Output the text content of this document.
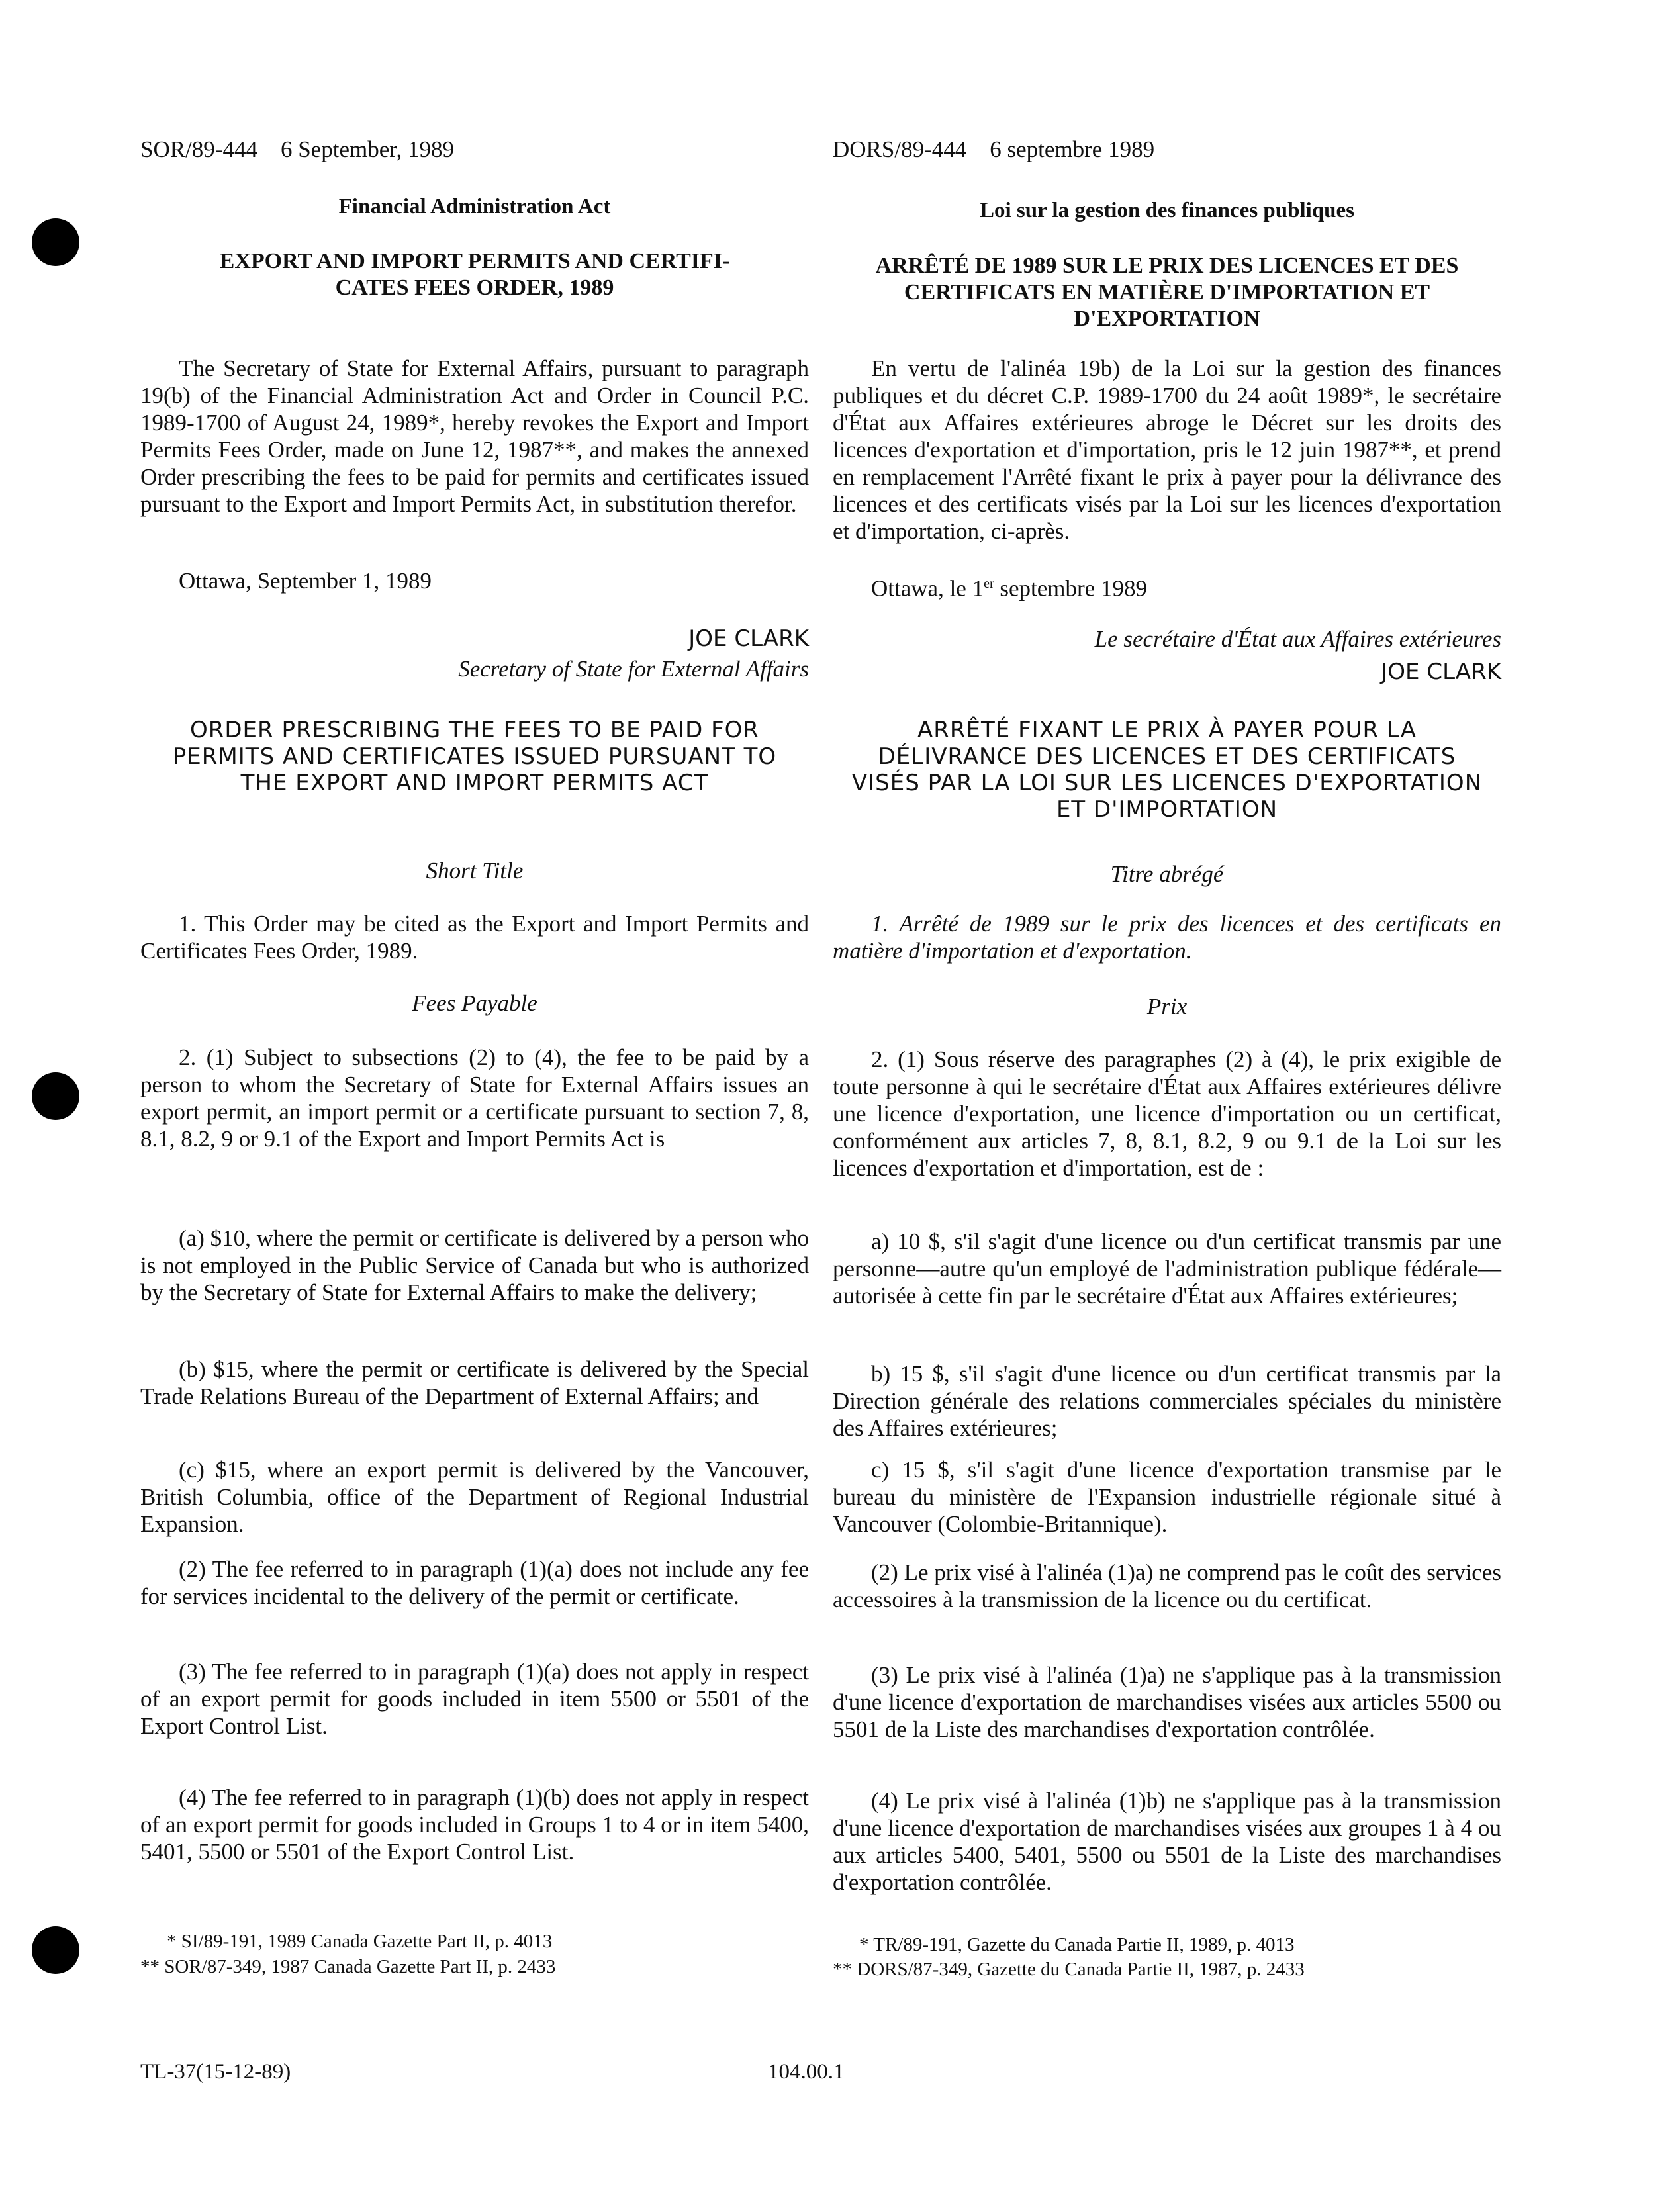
SOR/89-444    6 September, 1989

Financial Administration Act

EXPORT AND IMPORT PERMITS AND CERTIFI-
CATES FEES ORDER, 1989

The Secretary of State for External Affairs, pursuant to paragraph 19(b) of the Financial Administration Act and Order in Council P.C. 1989-1700 of August 24, 1989*, hereby revokes the Export and Import Permits Fees Order, made on June 12, 1987**, and makes the annexed Order prescribing the fees to be paid for permits and certificates issued pursuant to the Export and Import Permits Act, in substitution therefor.

Ottawa, September 1, 1989

JOE CLARK

Secretary of State for External Affairs

ORDER PRESCRIBING THE FEES TO BE PAID FOR PERMITS AND CERTIFICATES ISSUED PURSUANT TO THE EXPORT AND IMPORT PERMITS ACT

Short Title

1. This Order may be cited as the Export and Import Permits and Certificates Fees Order, 1989.

Fees Payable

2. (1) Subject to subsections (2) to (4), the fee to be paid by a person to whom the Secretary of State for External Affairs issues an export permit, an import permit or a certificate pursuant to section 7, 8, 8.1, 8.2, 9 or 9.1 of the Export and Import Permits Act is

(a) $10, where the permit or certificate is delivered by a person who is not employed in the Public Service of Canada but who is authorized by the Secretary of State for External Affairs to make the delivery;

(b) $15, where the permit or certificate is delivered by the Special Trade Relations Bureau of the Department of External Affairs; and

(c) $15, where an export permit is delivered by the Vancouver, British Columbia, office of the Department of Regional Industrial Expansion.

(2) The fee referred to in paragraph (1)(a) does not include any fee for services incidental to the delivery of the permit or certificate.

(3) The fee referred to in paragraph (1)(a) does not apply in respect of an export permit for goods included in item 5500 or 5501 of the Export Control List.

(4) The fee referred to in paragraph (1)(b) does not apply in respect of an export permit for goods included in Groups 1 to 4 or in item 5400, 5401, 5500 or 5501 of the Export Control List.

* SI/89-191, 1989 Canada Gazette Part II, p. 4013

** SOR/87-349, 1987 Canada Gazette Part II, p. 2433

DORS/89-444    6 septembre 1989

Loi sur la gestion des finances publiques

ARRÊTÉ DE 1989 SUR LE PRIX DES LICENCES ET DES CERTIFICATS EN MATIÈRE D'IMPORTATION ET D'EXPORTATION

En vertu de l'alinéa 19b) de la Loi sur la gestion des finances publiques et du décret C.P. 1989-1700 du 24 août 1989*, le secrétaire d'État aux Affaires extérieures abroge le Décret sur les droits des licences d'exportation et d'importation, pris le 12 juin 1987**, et prend en remplacement l'Arrêté fixant le prix à payer pour la délivrance des licences et des certificats visés par la Loi sur les licences d'exportation et d'importation, ci-après.

Ottawa, le 1er septembre 1989

Le secrétaire d'État aux Affaires extérieures

JOE CLARK

ARRÊTÉ FIXANT LE PRIX À PAYER POUR LA DÉLIVRANCE DES LICENCES ET DES CERTIFICATS VISÉS PAR LA LOI SUR LES LICENCES D'EXPORTATION ET D'IMPORTATION

Titre abrégé

1. Arrêté de 1989 sur le prix des licences et des certificats en matière d'importation et d'exportation.

Prix

2. (1) Sous réserve des paragraphes (2) à (4), le prix exigible de toute personne à qui le secrétaire d'État aux Affaires extérieures délivre une licence d'exportation, une licence d'importation ou un certificat, conformément aux articles 7, 8, 8.1, 8.2, 9 ou 9.1 de la Loi sur les licences d'exportation et d'importation, est de :

a) 10 $, s'il s'agit d'une licence ou d'un certificat transmis par une personne—autre qu'un employé de l'administration publique fédérale—autorisée à cette fin par le secrétaire d'État aux Affaires extérieures;

b) 15 $, s'il s'agit d'une licence ou d'un certificat transmis par la Direction générale des relations commerciales spéciales du ministère des Affaires extérieures;

c) 15 $, s'il s'agit d'une licence d'exportation transmise par le bureau du ministère de l'Expansion industrielle régionale situé à Vancouver (Colombie-Britannique).

(2) Le prix visé à l'alinéa (1)a) ne comprend pas le coût des services accessoires à la transmission de la licence ou du certificat.

(3) Le prix visé à l'alinéa (1)a) ne s'applique pas à la transmission d'une licence d'exportation de marchandises visées aux articles 5500 ou 5501 de la Liste des marchandises d'exportation contrôlée.

(4) Le prix visé à l'alinéa (1)b) ne s'applique pas à la transmission d'une licence d'exportation de marchandises visées aux groupes 1 à 4 ou aux articles 5400, 5401, 5500 ou 5501 de la Liste des marchandises d'exportation contrôlée.

* TR/89-191, Gazette du Canada Partie II, 1989, p. 4013

** DORS/87-349, Gazette du Canada Partie II, 1987, p. 2433

TL-37(15-12-89)	104.00.1
